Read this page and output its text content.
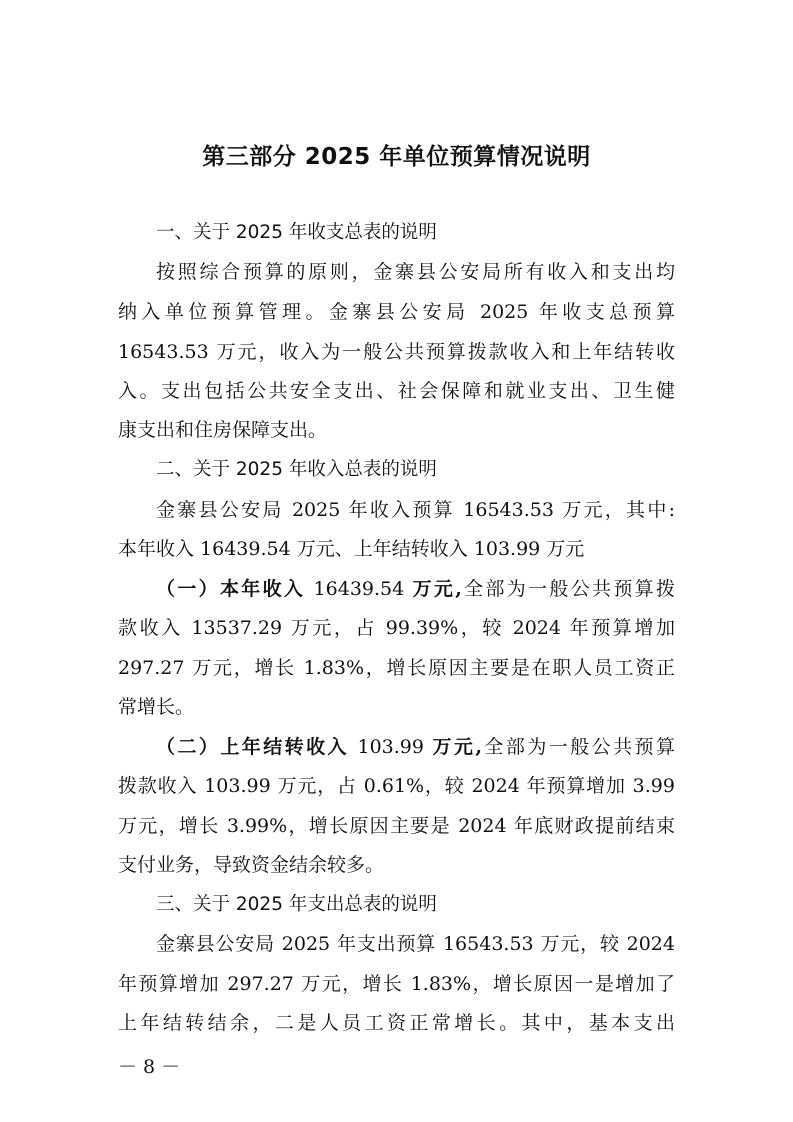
第三部分 2025 年单位预算情况说明
一、关于 2025 年收支总表的说明
按照综合预算的原则，金寨县公安局所有收入和支出均
纳入单位预算管理。金寨县公安局 2025 年收支总预算
16543.53 万元，收入为一般公共预算拨款收入和上年结转收
入。支出包括公共安全支出、社会保障和就业支出、卫生健
康支出和住房保障支出。
二、关于 2025 年收入总表的说明
金寨县公安局 2025 年收入预算 16543.53 万元，其中:
本年收入 16439.54 万元、上年结转收入 103.99 万元
（一）本年收入 16439.54 万元,全部为一般公共预算拨
款收入 13537.29 万元，占 99.39%，较 2024 年预算增加
297.27 万元，增长 1.83%，增长原因主要是在职人员工资正
常增长。
（二）上年结转收入 103.99 万元,全部为一般公共预算
拨款收入 103.99 万元，占 0.61%，较 2024 年预算增加 3.99
万元，增长 3.99%，增长原因主要是 2024 年底财政提前结束
支付业务，导致资金结余较多。
三、关于 2025 年支出总表的说明
金寨县公安局 2025 年支出预算 16543.53 万元，较 2024
年预算增加 297.27 万元，增长 1.83%，增长原因一是增加了
上年结转结余，二是人员工资正常增长。其中，基本支出
－ 8 －
